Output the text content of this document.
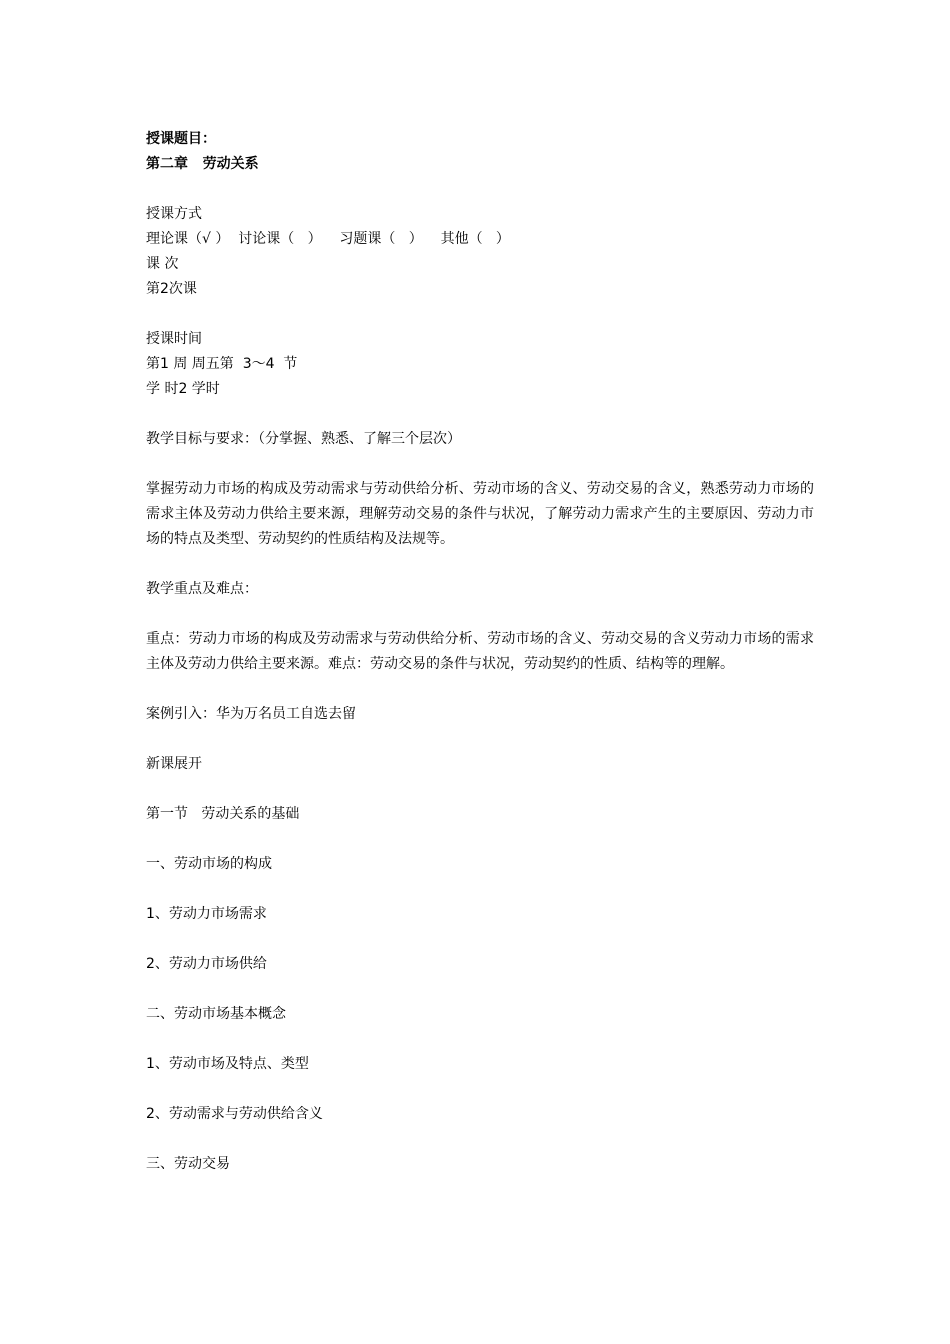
授课题目：
第二章   劳动关系
授课方式
理论课（√ ）  讨论课（   ）    习题课（   ）    其他（   ）
课 次
第2次课
授课时间
第1 周 周五第  3～4  节
学 时2 学时
教学目标与要求：（分掌握、熟悉、了解三个层次）
掌握劳动力市场的构成及劳动需求与劳动供给分析、劳动市场的含义、劳动交易的含义，熟悉劳动力市场的需求主体及劳动力供给主要来源，理解劳动交易的条件与状况，了解劳动力需求产生的主要原因、劳动力市场的特点及类型、劳动契约的性质结构及法规等。
教学重点及难点：
重点：劳动力市场的构成及劳动需求与劳动供给分析、劳动市场的含义、劳动交易的含义劳动力市场的需求主体及劳动力供给主要来源。难点：劳动交易的条件与状况，劳动契约的性质、结构等的理解。
案例引入：华为万名员工自选去留
新课展开
第一节   劳动关系的基础
一、劳动市场的构成
1、劳动力市场需求
2、劳动力市场供给
二、劳动市场基本概念
1、劳动市场及特点、类型
2、劳动需求与劳动供给含义
三、劳动交易
